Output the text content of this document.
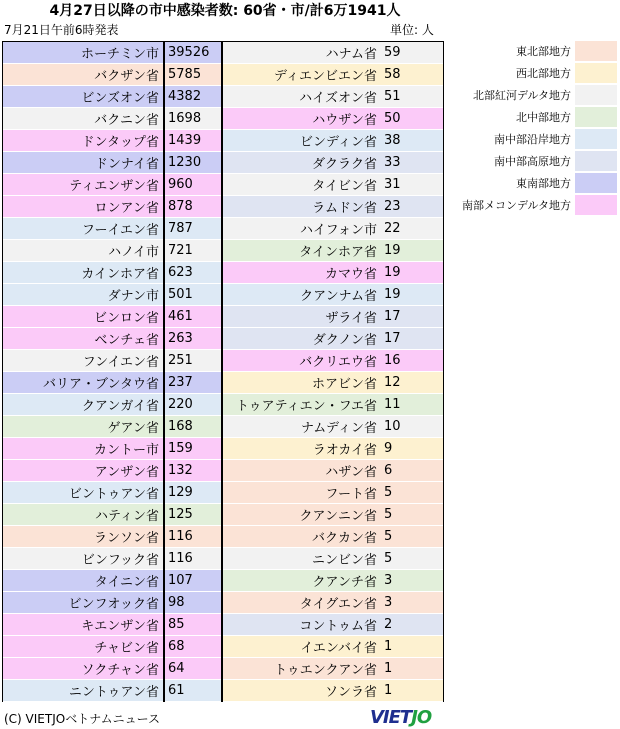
4月27日以降の市中感染者数: 60省・市/計6万1941人
7月21日午前6時発表	単位: 人
ホーチミン市 39526
バクザン省 5785
ビンズオン省 4382
バクニン省 1698
ドンタップ省 1439
ドンナイ省 1230
ティエンザン省 960
ロンアン省 878
フーイエン省 787
ハノイ市 721
カインホア省 623
ダナン市 501
ビンロン省 461
ベンチェ省 263
フンイエン省 251
バリア・ブンタウ省 237
クアンガイ省 220
ゲアン省 168
カントー市 159
アンザン省 132
ビントゥアン省 129
ハティン省 125
ランソン省 116
ビンフック省 116
タイニン省 107
ビンフオック省 98
キエンザン省 85
チャビン省 68
ソクチャン省 64
ニントゥアン省 61
ハナム省 59
ディエンビエン省 58
ハイズオン省 51
ハウザン省 50
ビンディン省 38
ダクラク省 33
タイビン省 31
ラムドン省 23
ハイフォン市 22
タインホア省 19
カマウ省 19
クアンナム省 19
ザライ省 17
ダクノン省 17
バクリエウ省 16
ホアビン省 12
トゥアティエン・フエ省 11
ナムディン省 10
ラオカイ省 9
ハザン省 6
フート省 5
クアンニン省 5
バクカン省 5
ニンビン省 5
クアンチ省 3
タイグエン省 3
コントゥム省 2
イエンバイ省 1
トゥエンクアン省 1
ソンラ省 1
東北部地方
西北部地方
北部紅河デルタ地方
北中部地方
南中部沿岸地方
南中部高原地方
東南部地方
南部メコンデルタ地方
(C) VIETJOベトナムニュース	VIETJO
